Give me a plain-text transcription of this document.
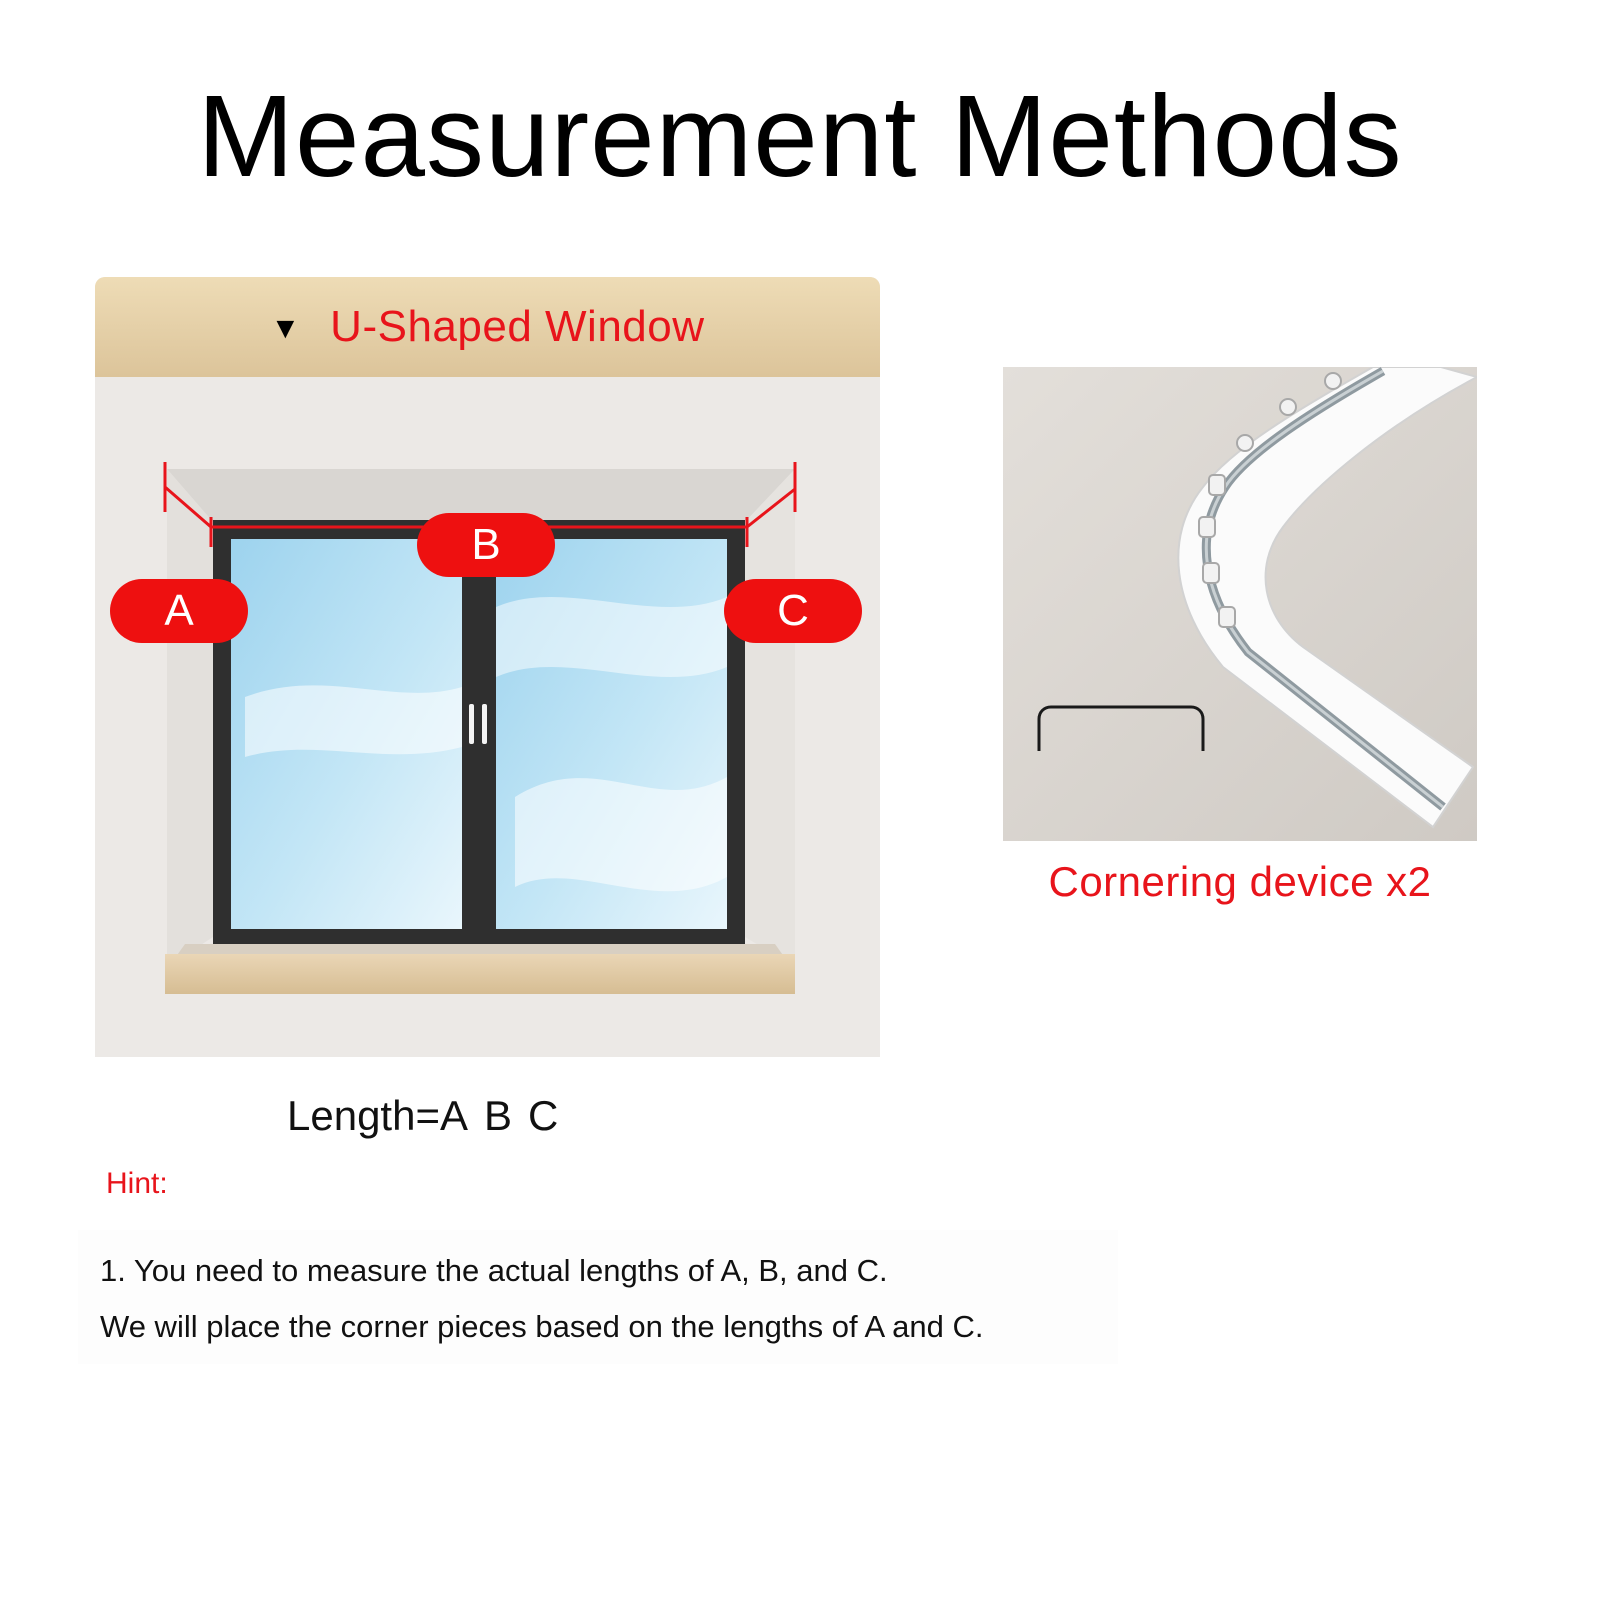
Measurement Methods
▼ U-Shaped Window
A
B
C
Length=A B C
Cornering device x2
Hint:
1. You need to measure the actual lengths of A, B, and C.
We will place the corner pieces based on the lengths of A and C.
